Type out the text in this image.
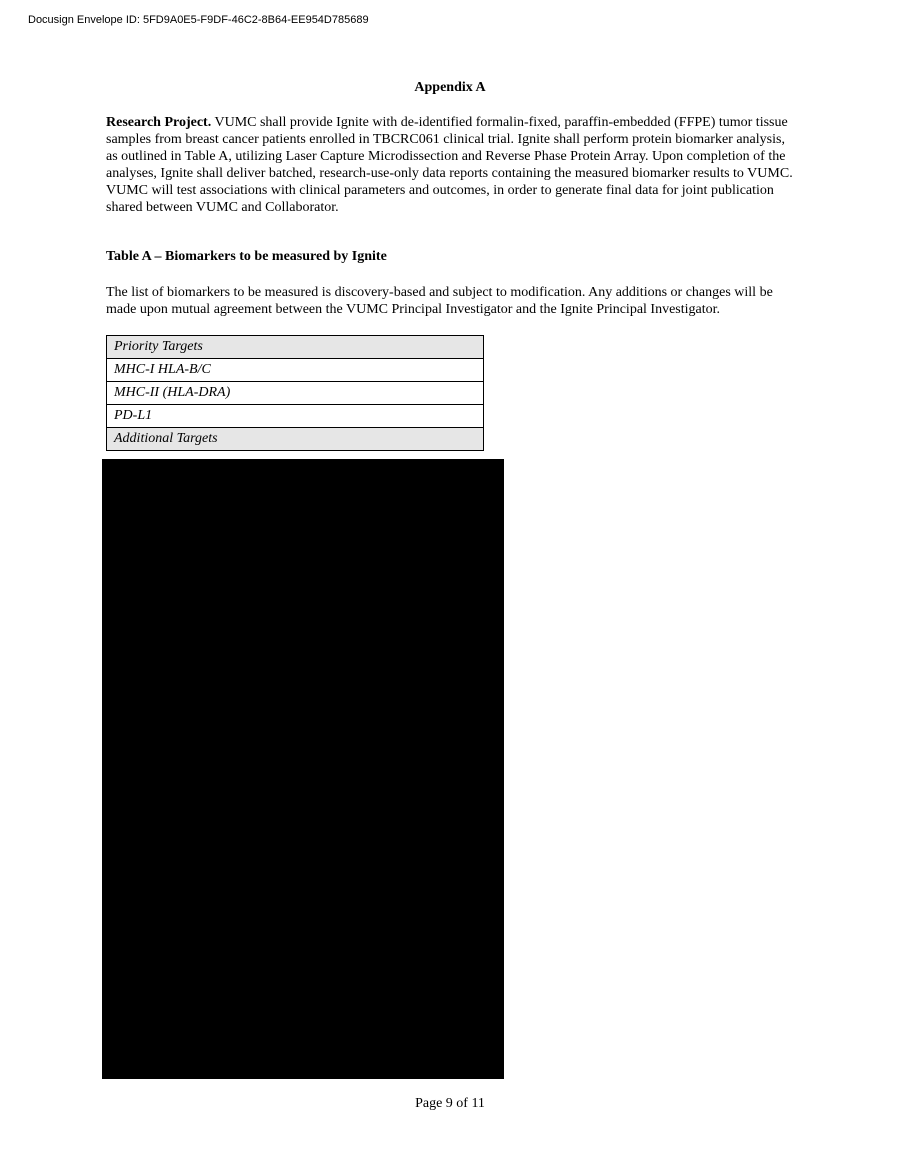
Docusign Envelope ID: 5FD9A0E5-F9DF-46C2-8B64-EE954D785689
Appendix A
Research Project. VUMC shall provide Ignite with de-identified formalin-fixed, paraffin-embedded (FFPE) tumor tissue samples from breast cancer patients enrolled in TBCRC061 clinical trial. Ignite shall perform protein biomarker analysis, as outlined in Table A, utilizing Laser Capture Microdissection and Reverse Phase Protein Array. Upon completion of the analyses, Ignite shall deliver batched, research-use-only data reports containing the measured biomarker results to VUMC. VUMC will test associations with clinical parameters and outcomes, in order to generate final data for joint publication shared between VUMC and Collaborator.
Table A – Biomarkers to be measured by Ignite
The list of biomarkers to be measured is discovery-based and subject to modification. Any additions or changes will be made upon mutual agreement between the VUMC Principal Investigator and the Ignite Principal Investigator.
Priority Targets
MHC-I HLA-B/C
MHC-II (HLA-DRA)
PD-L1
Additional Targets
Page 9 of 11
